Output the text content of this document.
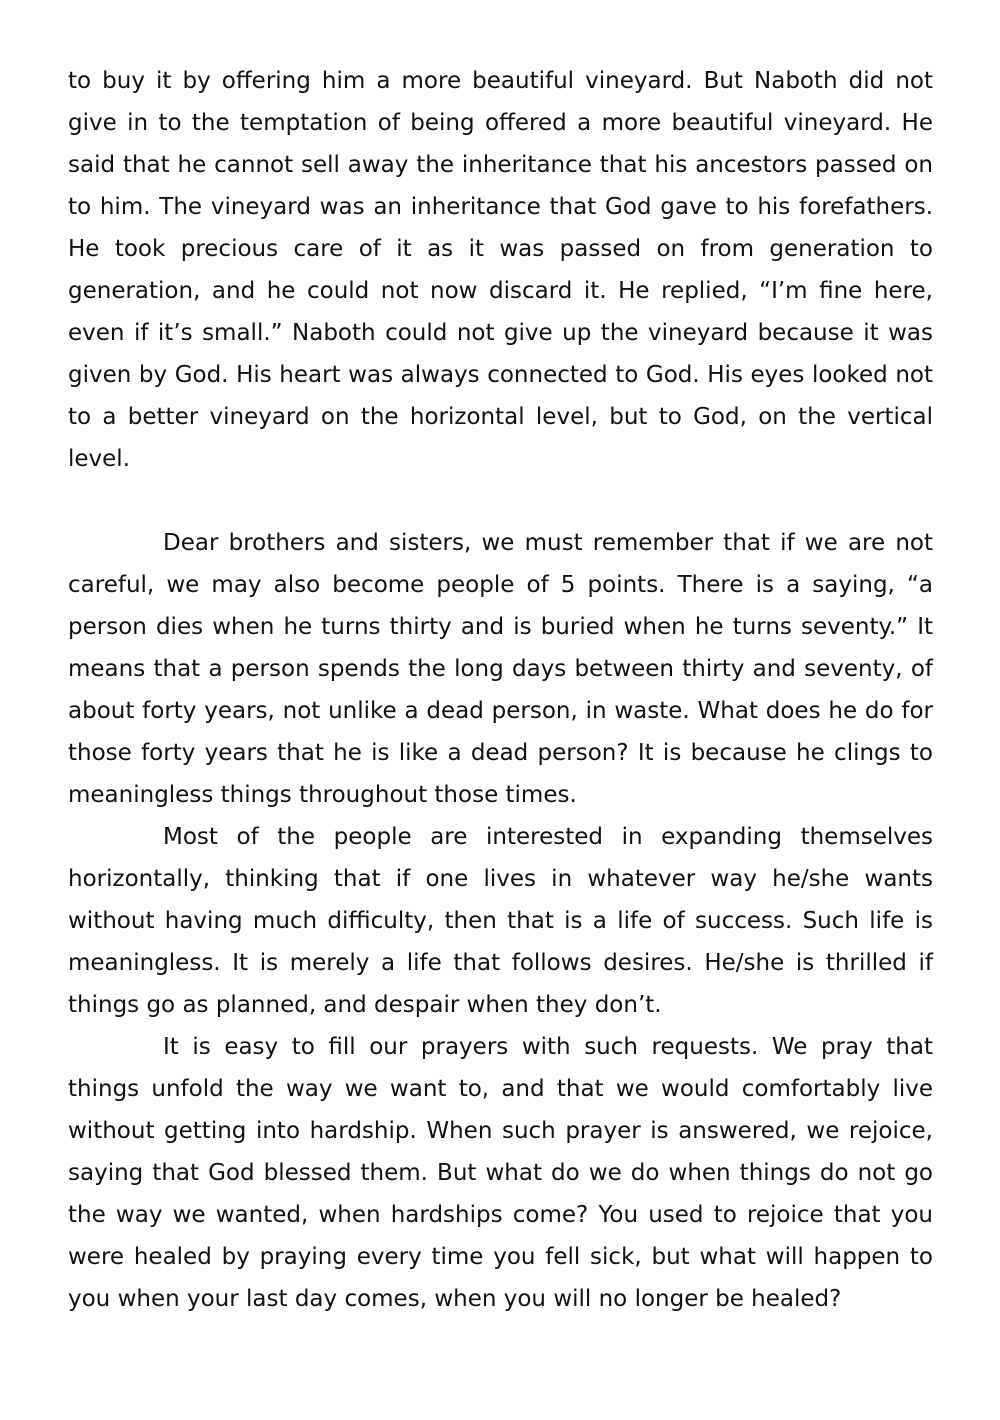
to buy it by offering him a more beautiful vineyard. But Naboth did not give in to the temptation of being offered a more beautiful vineyard. He said that he cannot sell away the inheritance that his ancestors passed on to him. The vineyard was an inheritance that God gave to his forefathers. He took precious care of it as it was passed on from generation to generation, and he could not now discard it. He replied, “I’m fine here, even if it’s small.” Naboth could not give up the vineyard because it was given by God. His heart was always connected to God. His eyes looked not to a better vineyard on the horizontal level, but to God, on the vertical level.

Dear brothers and sisters, we must remember that if we are not careful, we may also become people of 5 points. There is a saying, “a person dies when he turns thirty and is buried when he turns seventy.” It means that a person spends the long days between thirty and seventy, of about forty years, not unlike a dead person, in waste. What does he do for those forty years that he is like a dead person? It is because he clings to meaningless things throughout those times.

Most of the people are interested in expanding themselves horizontally, thinking that if one lives in whatever way he/she wants without having much difficulty, then that is a life of success. Such life is meaningless. It is merely a life that follows desires. He/she is thrilled if things go as planned, and despair when they don’t.

It is easy to fill our prayers with such requests. We pray that things unfold the way we want to, and that we would comfortably live without getting into hardship. When such prayer is answered, we rejoice, saying that God blessed them. But what do we do when things do not go the way we wanted, when hardships come? You used to rejoice that you were healed by praying every time you fell sick, but what will happen to you when your last day comes, when you will no longer be healed?
